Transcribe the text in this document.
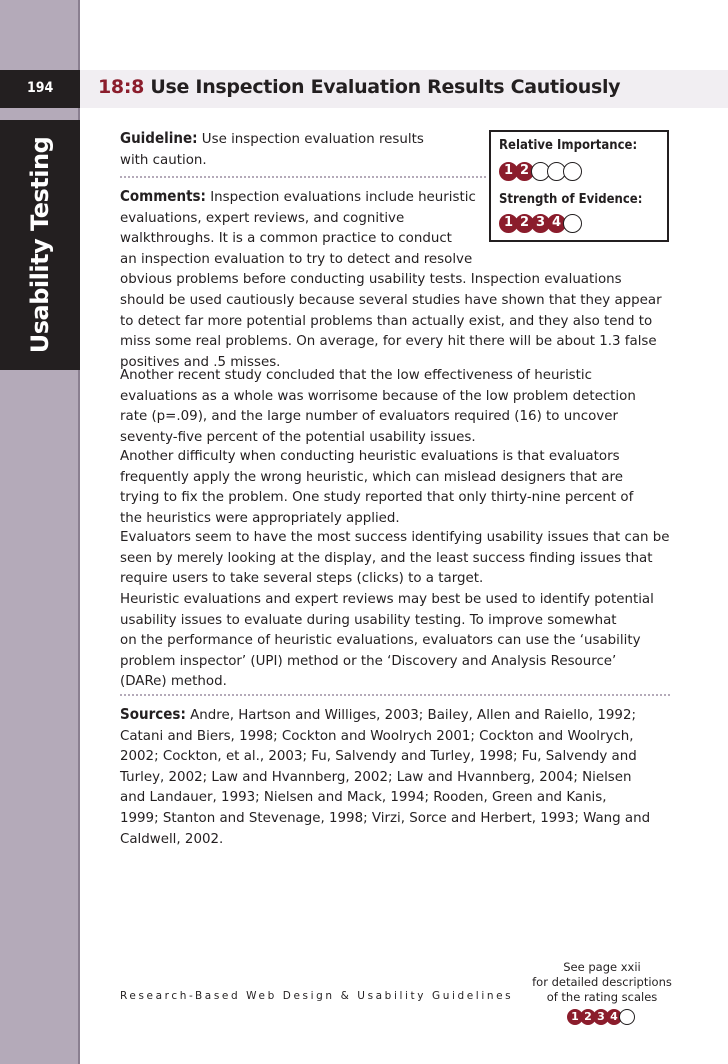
194
Usability Testing
18:8 Use Inspection Evaluation Results Cautiously
Relative Importance:
1 2
Strength of Evidence:
1 2 3 4
Guideline: Use inspection evaluation results
with caution.
Comments: Inspection evaluations include heuristic
evaluations, expert reviews, and cognitive
walkthroughs. It is a common practice to conduct
an inspection evaluation to try to detect and resolve
obvious problems before conducting usability tests. Inspection evaluations
should be used cautiously because several studies have shown that they appear
to detect far more potential problems than actually exist, and they also tend to
miss some real problems. On average, for every hit there will be about 1.3 false
positives and .5 misses.
Another recent study concluded that the low effectiveness of heuristic
evaluations as a whole was worrisome because of the low problem detection
rate (p=.09), and the large number of evaluators required (16) to uncover
seventy-five percent of the potential usability issues.
Another difficulty when conducting heuristic evaluations is that evaluators
frequently apply the wrong heuristic, which can mislead designers that are
trying to fix the problem. One study reported that only thirty-nine percent of
the heuristics were appropriately applied.
Evaluators seem to have the most success identifying usability issues that can be
seen by merely looking at the display, and the least success finding issues that
require users to take several steps (clicks) to a target.
Heuristic evaluations and expert reviews may best be used to identify potential
usability issues to evaluate during usability testing. To improve somewhat
on the performance of heuristic evaluations, evaluators can use the ‘usability
problem inspector’ (UPI) method or the ‘Discovery and Analysis Resource’
(DARe) method.
Sources: Andre, Hartson and Williges, 2003; Bailey, Allen and Raiello, 1992;
Catani and Biers, 1998; Cockton and Woolrych 2001; Cockton and Woolrych,
2002; Cockton, et al., 2003; Fu, Salvendy and Turley, 1998; Fu, Salvendy and
Turley, 2002; Law and Hvannberg, 2002; Law and Hvannberg, 2004; Nielsen
and Landauer, 1993; Nielsen and Mack, 1994; Rooden, Green and Kanis,
1999; Stanton and Stevenage, 1998; Virzi, Sorce and Herbert, 1993; Wang and
Caldwell, 2002.
Research-Based Web Design & Usability Guidelines
See page xxii
for detailed descriptions
of the rating scales
1 2 3 4
